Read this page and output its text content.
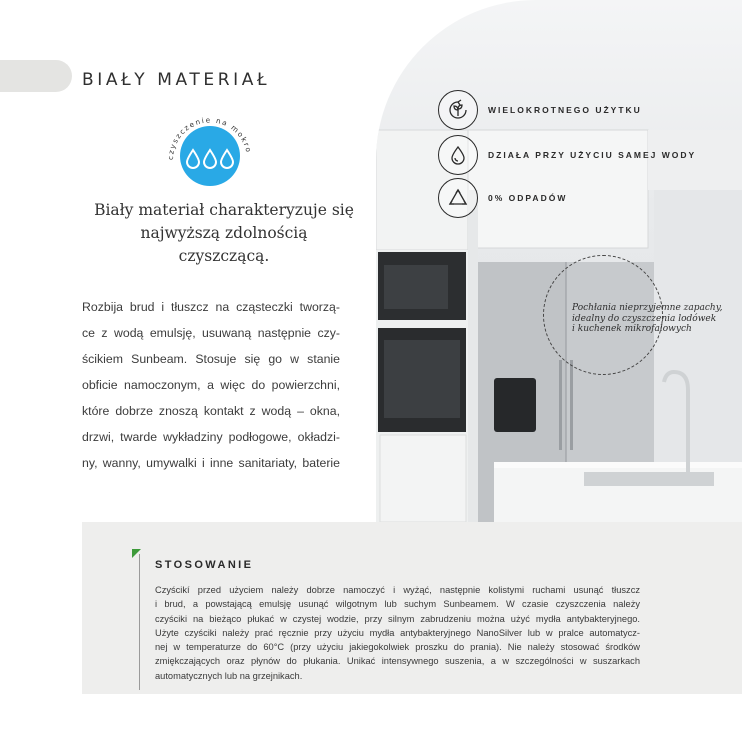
BIAŁY MATERIAŁ
czyszczenie na mokro
Biały materiał charakteryzuje się
najwyższą zdolnością
czyszczącą.
Rozbija brud i tłuszcz na cząsteczki tworzą-
ce z wodą emulsję, usuwaną następnie czy-
ścikiem Sunbeam. Stosuje się go w stanie
obficie namoczonym, a więc do powierzchni,
które dobrze znoszą kontakt z wodą – okna,
drzwi, twarde wykładziny podłogowe, okładzi-
ny, wanny, umywalki i inne sanitariaty, baterie
WIELOKROTNEGO UŻYTKU
DZIAŁA PRZY UŻYCIU SAMEJ WODY
0% ODPADÓW
Pochłania nieprzyjemne zapachy,
idealny do czyszczenia lodówek
i kuchenek mikrofalowych
STOSOWANIE
Czyścikí przed użyciem należy dobrze namoczyć i wyżąć, następnie kolistymi ruchami usunąć tłuszcz
i brud, a powstającą emulsję usunąć wilgotnym lub suchym Sunbeamem. W czasie czyszczenia należy
czyściki na bieżąco płukać w czystej wodzie, przy silnym zabrudzeniu można użyć mydła antybakteryjnego.
Użyte czyściki należy prać ręcznie przy użyciu mydła antybakteryjnego NanoSilver lub w pralce automatycz-
nej w temperaturze do 60°C (przy użyciu jakiegokolwiek proszku do prania). Nie należy stosować środków
zmiękczających oraz płynów do płukania. Unikać intensywnego suszenia, a w szczególności w suszarkach
automatycznych lub na grzejnikach.
